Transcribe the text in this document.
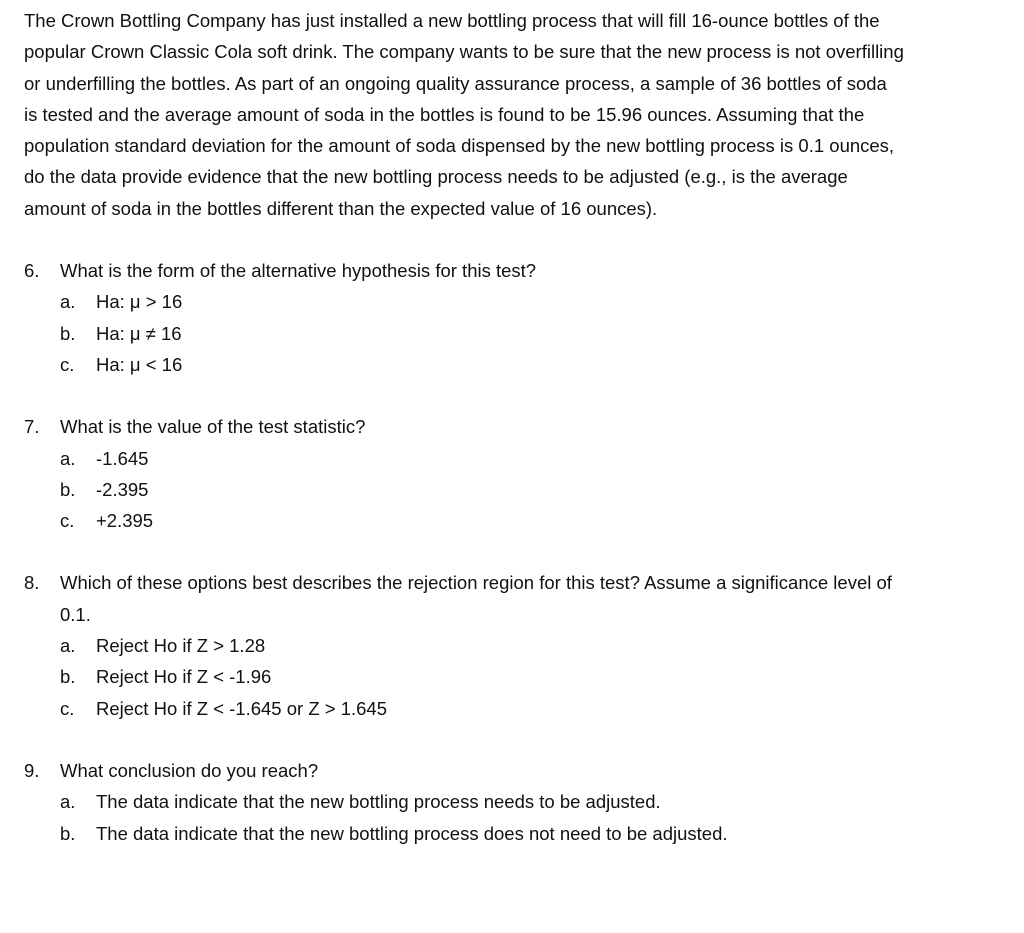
The Crown Bottling Company has just installed a new bottling process that will fill 16-ounce bottles of the popular Crown Classic Cola soft drink. The company wants to be sure that the new process is not overfilling or underfilling the bottles. As part of an ongoing quality assurance process, a sample of 36 bottles of soda is tested and the average amount of soda in the bottles is found to be 15.96 ounces. Assuming that the population standard deviation for the amount of soda dispensed by the new bottling process is 0.1 ounces, do the data provide evidence that the new bottling process needs to be adjusted (e.g., is the average amount of soda in the bottles different than the expected value of 16 ounces).

6.	What is the form of the alternative hypothesis for this test?
a.	Ha: μ > 16
b.	Ha: μ ≠ 16
c.	Ha: μ < 16
7.	What is the value of the test statistic?
a.	-1.645
b.	-2.395
c.	+2.395
8.	Which of these options best describes the rejection region for this test? Assume a significance level of 0.1.
a.	Reject Ho if Z > 1.28
b.	Reject Ho if Z < -1.96
c.	Reject Ho if Z < -1.645 or Z > 1.645
9.	What conclusion do you reach?
a.	The data indicate that the new bottling process needs to be adjusted.
b.	The data indicate that the new bottling process does not need to be adjusted.
